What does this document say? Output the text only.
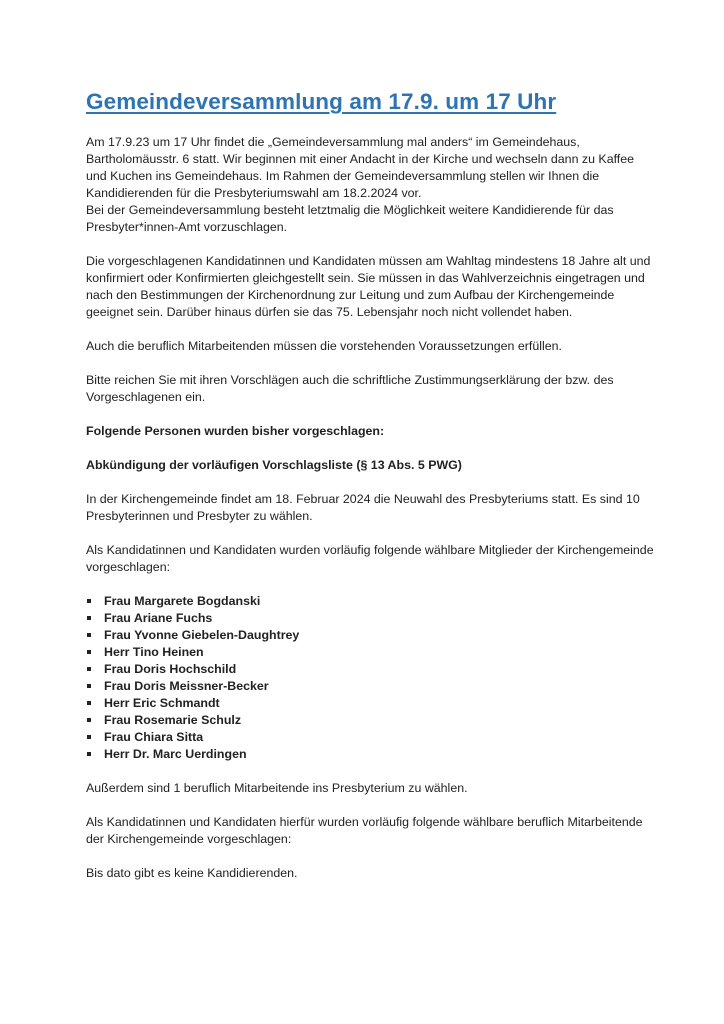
Gemeindeversammlung am 17.9. um 17 Uhr

Am 17.9.23 um 17 Uhr findet die „Gemeindeversammlung mal anders“ im Gemeindehaus, Bartholomäusstr. 6 statt. Wir beginnen mit einer Andacht in der Kirche und wechseln dann zu Kaffee und Kuchen ins Gemeindehaus. Im Rahmen der Gemeindeversammlung stellen wir Ihnen die Kandidierenden für die Presbyteriumswahl am 18.2.2024 vor.

Bei der Gemeindeversammlung besteht letztmalig die Möglichkeit weitere Kandidierende für das Presbyter*innen-Amt vorzuschlagen.

Die vorgeschlagenen Kandidatinnen und Kandidaten müssen am Wahltag mindestens 18 Jahre alt und konfirmiert oder Konfirmierten gleichgestellt sein. Sie müssen in das Wahlverzeichnis eingetragen und nach den Bestimmungen der Kirchenordnung zur Leitung und zum Aufbau der Kirchengemeinde geeignet sein. Darüber hinaus dürfen sie das 75. Lebensjahr noch nicht vollendet haben.

Auch die beruflich Mitarbeitenden müssen die vorstehenden Voraussetzungen erfüllen.

Bitte reichen Sie mit ihren Vorschlägen auch die schriftliche Zustimmungserklärung der bzw. des Vorgeschlagenen ein.

Folgende Personen wurden bisher vorgeschlagen:

Abkündigung der vorläufigen Vorschlagsliste (§ 13 Abs. 5 PWG)

In der Kirchengemeinde findet am 18. Februar 2024 die Neuwahl des Presbyteriums statt. Es sind 10 Presbyterinnen und Presbyter zu wählen.

Als Kandidatinnen und Kandidaten wurden vorläufig folgende wählbare Mitglieder der Kirchengemeinde vorgeschlagen:

Frau Margarete Bogdanski
Frau Ariane Fuchs
Frau Yvonne Giebelen-Daughtrey
Herr Tino Heinen
Frau Doris Hochschild
Frau Doris Meissner-Becker
Herr Eric Schmandt
Frau Rosemarie Schulz
Frau Chiara Sitta
Herr Dr. Marc Uerdingen

Außerdem sind 1 beruflich Mitarbeitende ins Presbyterium zu wählen.

Als Kandidatinnen und Kandidaten hierfür wurden vorläufig folgende wählbare beruflich Mitarbeitende der Kirchengemeinde vorgeschlagen:

Bis dato gibt es keine Kandidierenden.
